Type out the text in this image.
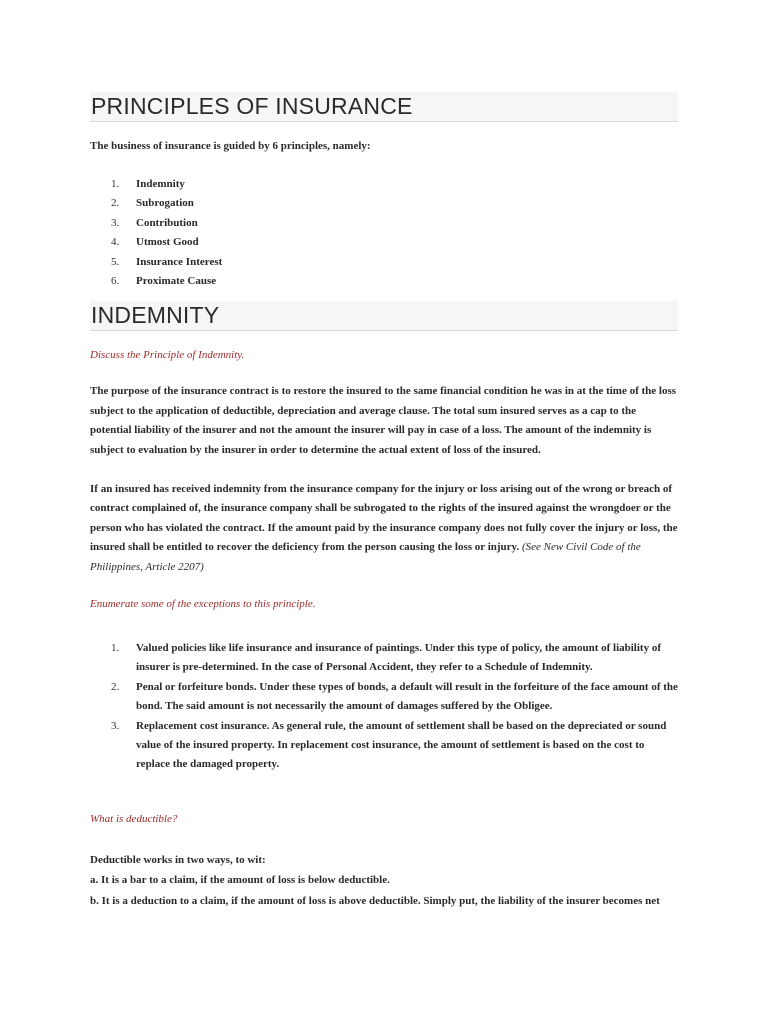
PRINCIPLES OF INSURANCE

The business of insurance is guided by 6 principles, namely:

1. Indemnity
2. Subrogation
3. Contribution
4. Utmost Good
5. Insurance Interest
6. Proximate Cause
INDEMNITY

Discuss the Principle of Indemnity.

The purpose of the insurance contract is to restore the insured to the same financial condition he was in at the time of the loss subject to the application of deductible, depreciation and average clause. The total sum insured serves as a cap to the potential liability of the insurer and not the amount the insurer will pay in case of a loss. The amount of the indemnity is subject to evaluation by the insurer in order to determine the actual extent of loss of the insured.

If an insured has received indemnity from the insurance company for the injury or loss arising out of the wrong or breach of contract complained of, the insurance company shall be subrogated to the rights of the insured against the wrongdoer or the person who has violated the contract. If the amount paid by the insurance company does not fully cover the injury or loss, the insured shall be entitled to recover the deficiency from the person causing the loss or injury. (See New Civil Code of the Philippines, Article 2207)

Enumerate some of the exceptions to this principle.

1. Valued policies like life insurance and insurance of paintings. Under this type of policy, the amount of liability of insurer is pre-determined. In the case of Personal Accident, they refer to a Schedule of Indemnity.
2. Penal or forfeiture bonds. Under these types of bonds, a default will result in the forfeiture of the face amount of the bond. The said amount is not necessarily the amount of damages suffered by the Obligee.
3. Replacement cost insurance. As general rule, the amount of settlement shall be based on the depreciated or sound value of the insured property. In replacement cost insurance, the amount of settlement is based on the cost to replace the damaged property.

What is deductible?

Deductible works in two ways, to wit:
a. It is a bar to a claim, if the amount of loss is below deductible.
b. It is a deduction to a claim, if the amount of loss is above deductible. Simply put, the liability of the insurer becomes net
